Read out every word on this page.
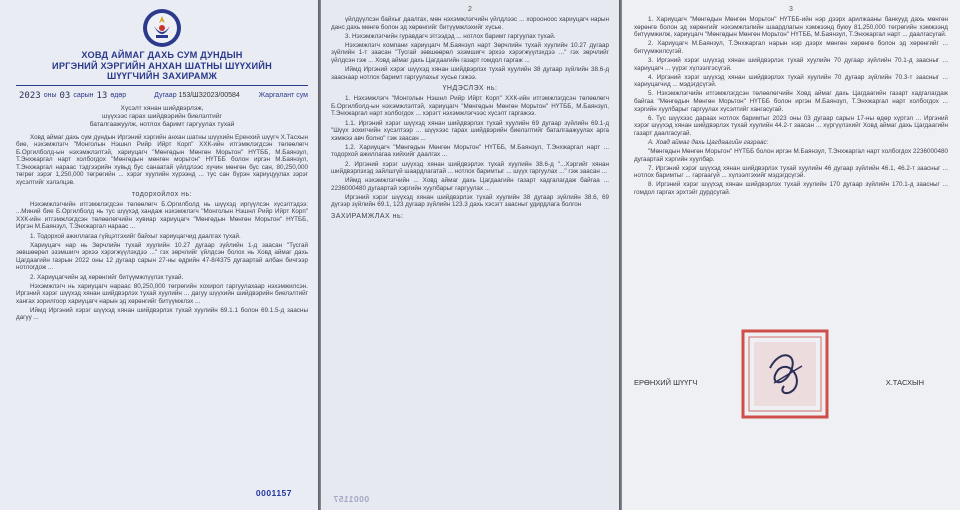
ХОВД АЙМАГ ДАХЬ СУМ ДУНДЫН
ИРГЭНИЙ ХЭРГИЙН АНХАН ШАТНЫ ШҮҮХИЙН
ШҮҮГЧИЙН ЗАХИРАМЖ
2023 оны 03 сарын 13 өдөр	Дугаар
153/ШЗ2023/00584	Жаргалант сум
Хүсэлт хянан шийдвэрлэж,
шүүхээс гарах шийдвэрийн биелэлтийг
баталгаажуулж, нотлох баримт гаргуулах тухай

Ховд аймаг дахь сум дундын Иргэний хэргийн анхан шатны шүүхийн Еренхий шүүгч Х.Тасхын бие, нэхэмжлэгч "Монголын Нэшнл Рийр Ийрт Корп" ХХК-ийн итгэмжлэгдсэн төлөөлөгч Б.Оргилболд-ын нэхэмжлэлтэй, хариуцагч "Мөнгөдын Мөнгөн Морьтон" НҮТББ, М.Баянзул, Т.Энхжаргал нарт холбогдох "Мөнгөдын мөнгөн морьтон" НҮТББ болон иргэн М.Баянзул, Т.Энхжаргал нараас тэдгээрийн хувьд бус санаатай үйлдлээс хүчин мөнгөн бус сан, 80,250,000 төгрөг зэрэг 1,250,000 төгрөгийн ... хэрэг хуулийн хүрээнд ... тус сан бүрэн хариуцуулах зэрэг хүсэлтийг хэлэлцэв.

тодорхойлох нь:

Нэхэмжлэгчийн итгэмжлэгдсэн төлөөлөгч Б.Оргилболд нь шүүхэд иргүүлсэн хүсэлтэдээ: ...Миний бие Б.Оргилболд нь тус шүүхэд хандаж нэхэмжлэгч "Монголын Нэшнл Рийр Ийрт Корп" ХХК-ийн итгэмжлэгдсэн төлөөлөгчийн хувиар хариуцагч "Мөнгөдын Мөнгөн Морьтон" НҮТББ, Иргэн М.Баянзул, Т.Энхжаргал нараас ...

1. Тодорхой ажиллагаа гүйцэтгэхийг байхыг хариуцагчид даалгах тухай.

Хариуцагч нар нь Зөрчлийн тухай хуулийн 10.27 дугаар зүйлийн 1-д заасан "Тусгай зөвшөөрөл эзэмшигч эрхээ хэрэгжүүлэхдээ ..." гэх зөрчлийг үйлдсэн болох нь Ховд аймаг дахь Цагдаагийн газрын 2022 оны 12 дугаар сарын 27-ны өдрийн 47-8/4375 дугаартай албан бичгээр нотлогдож ...

2. Хариуцагчийн эд хөрөнгийг битүүмжлүүлэх тухай.

Нэхэмжлэгч нь хариуцагч нараас 80,250,000 төгрөгийн хохирол гаргуулахаар нэхэмжилсэн. Иргэний хэрэг шүүхэд хянан шийдвэрлэх тухай хуулийн ... дагуу шүүхийн шийдвэрийн биелэлтийг хангах зорилгоор хариуцагч нарын эд хөрөнгийг битүүмжлэх ...

Иймд Иргэний хэрэг шүүхэд хянан шийдвэрлэх тухай хуулийн 69.1.1 болон 69.1.5-д заасны дагуу ...

0001157
2

үйлдүүлсэн байхыг даалгах, мөн нэхэмжлэгчийн үйлдлээс ... хорооноос хариуцагч нарын данс дахь мөнгө болон эд хөрөнгийг битүүмжлэхийг хүсье.

3. Нэхэмжлэгчийн гуравдагч этгээдэд ... нотлох баримт гаргуулах тухай.

Нэхэмжлэгч компани хариуцагч М.Баянзул нарт Зөрчлийн тухай хуулийн 10.27 дугаар зүйлийн 1-т заасан "Тусгай зөвшөөрөл эзэмшигч эрхээ хэрэгжүүлэхдээ ..." гэх зөрчлийг үйлдсэн гэж ... Ховд аймаг дахь Цагдаагийн газарт гомдол гаргаж ...

Иймд Иргэний хэрэг шүүхэд хянан шийдвэрлэх тухай хуулийн 38 дугаар зүйлийн 38.6-д зааснаар нотлох баримт гаргуулахыг хүсье гэжээ.

ҮНДЭСЛЭХ нь:

1. Нэхэмжлэгч "Монголын Нэшнл Рийр Ийрт Корп" ХХК-ийн итгэмжлэгдсэн төлөөлөгч Б.Оргилболд-ын нэхэмжлэлтэй, хариуцагч "Мөнгөдын Мөнгөн Морьтон" НҮТББ, М.Баянзул, Т.Энхжаргал нарт холбогдох ... хэрэгт нэхэмжлэгчээс хүсэлт гаргажээ.

1.1. Иргэний хэрэг шүүхэд хянан шийдвэрлэх тухай хуулийн 69 дугаар зүйлийн 69.1-д "Шүүх зохигчийн хүсэлтээр ... шүүхээс гарах шийдвэрийн биелэлтийг баталгаажуулах арга хэмжээ авч болно" гэж заасан ...

1.2. Хариуцагч "Мөнгөдын Мөнгөн Морьтон" НҮТББ, М.Баянзул, Т.Энхжаргал нарт ... тодорхой ажиллагаа хийхийг даалгах ...

2. Иргэний хэрэг шүүхэд хянан шийдвэрлэх тухай хуулийн 38.6-д "...Хэргийг хянан шийдвэрлэхэд зайлшгүй шаардлагатай ... нотлох баримтыг ... шүүх гаргуулах ..." гэж заасан ...

Иймд нэхэмжлэгчийн ... Ховд аймаг дахь Цагдаагийн газарт хадгалагдаж байгаа ... 2236000480 дугаартай хэргийн хуулбарыг гаргуулах ...

Иргэний хэрэг шүүхэд хянан шийдвэрлэх тухай хуулийн 38 дугаар зүйлийн 38.6, 69 дүгээр зүйлийн 69.1, 123 дугаар зүйлийн 123.3 дахь хэсэгт заасныг удирдлага болгон

ЗАХИРАМЖЛАХ нь:
0001157
3

1. Хариуцагч "Мөнгөдын Мөнгөн Морьтон" НҮТББ-ийн нэр дээрх арилжааны банкууд дахь мөнгөн хөрөнгө болон эд хөрөнгийг нэхэмжлэлийн шаардлагын хэмжээнд буюу 81,250,000 төгрөгийн хэмжээнд битүүмжилж, хариуцагч "Мөнгөдын Мөнгөн Морьтон" НҮТББ, М.Баянзул, Т.Энхжаргал нарт ... даалгасугай.

2. Хариуцагч М.Баянзул, Т.Энхжаргал нарын нэр дээрх мөнгөн хөрөнгө болон эд хөрөнгийг ... битүүмжилсүгэй.

3. Иргэний хэрэг шүүхэд хянан шийдвэрлэх тухай хуулийн 70 дугаар зүйлийн 70.1-д заасныг ... хариуцагч ... үүрэг хүлээлгэсүгэй.

4. Иргэний хэрэг шүүхэд хянан шийдвэрлэх тухай хуулийн 70 дугаар зүйлийн 70.3-т заасныг ... хариуцагчид ... мэдэгдсүгэй.

5. Нэхэмжлэгчийн итгэмжлэгдсэн төлөөлөгчийн Ховд аймаг дахь Цагдаагийн газарт хадгалагдаж байгаа "Мөнгөдын Мөнгөн Морьтон" НҮТББ болон иргэн М.Баянзул, Т.Энхжаргал нарт холбогдох ... хэргийн хуулбарыг гаргуулах хүсэлтийг хангасугай.

6. Тус шүүхээс дараах нотлох баримтыг 2023 оны 03 дугаар сарын 17-ны өдөр хүртэл ... Иргэний хэрэг шүүхэд хянан шийдвэрлэх тухай хуулийн 44.2-т заасан ... хүргүүлэхийг Ховд аймаг дахь Цагдаагийн газарт даалгасугай.

А. Ховд аймаг дахь Цагдаагийн газраас:

"Мөнгөдын Мөнгөн Морьтон" НҮТББ болон иргэн М.Баянзул, Т.Энхжаргал нарт холбогдох 2236000480 дугаартай хэргийн хуулбар.

7. Иргэний хэрэг шүүхэд хянан шийдвэрлэх тухай хуулийн 46 дугаар зүйлийн 46.1, 46.2-т заасныг ... нотлох баримтыг ... гаргаагүй ... хүлээлгэхийг мэдэгдсүгэй.

8. Иргэний хэрэг шүүхэд хянан шийдвэрлэх тухай хуулийн 170 дугаар зүйлийн 170.1-д заасныг ... гомдол гаргах эрхтэйг дурдсугай.

ЕРӨНХИЙ ШҮҮГЧ	Х.ТАСХЫН
